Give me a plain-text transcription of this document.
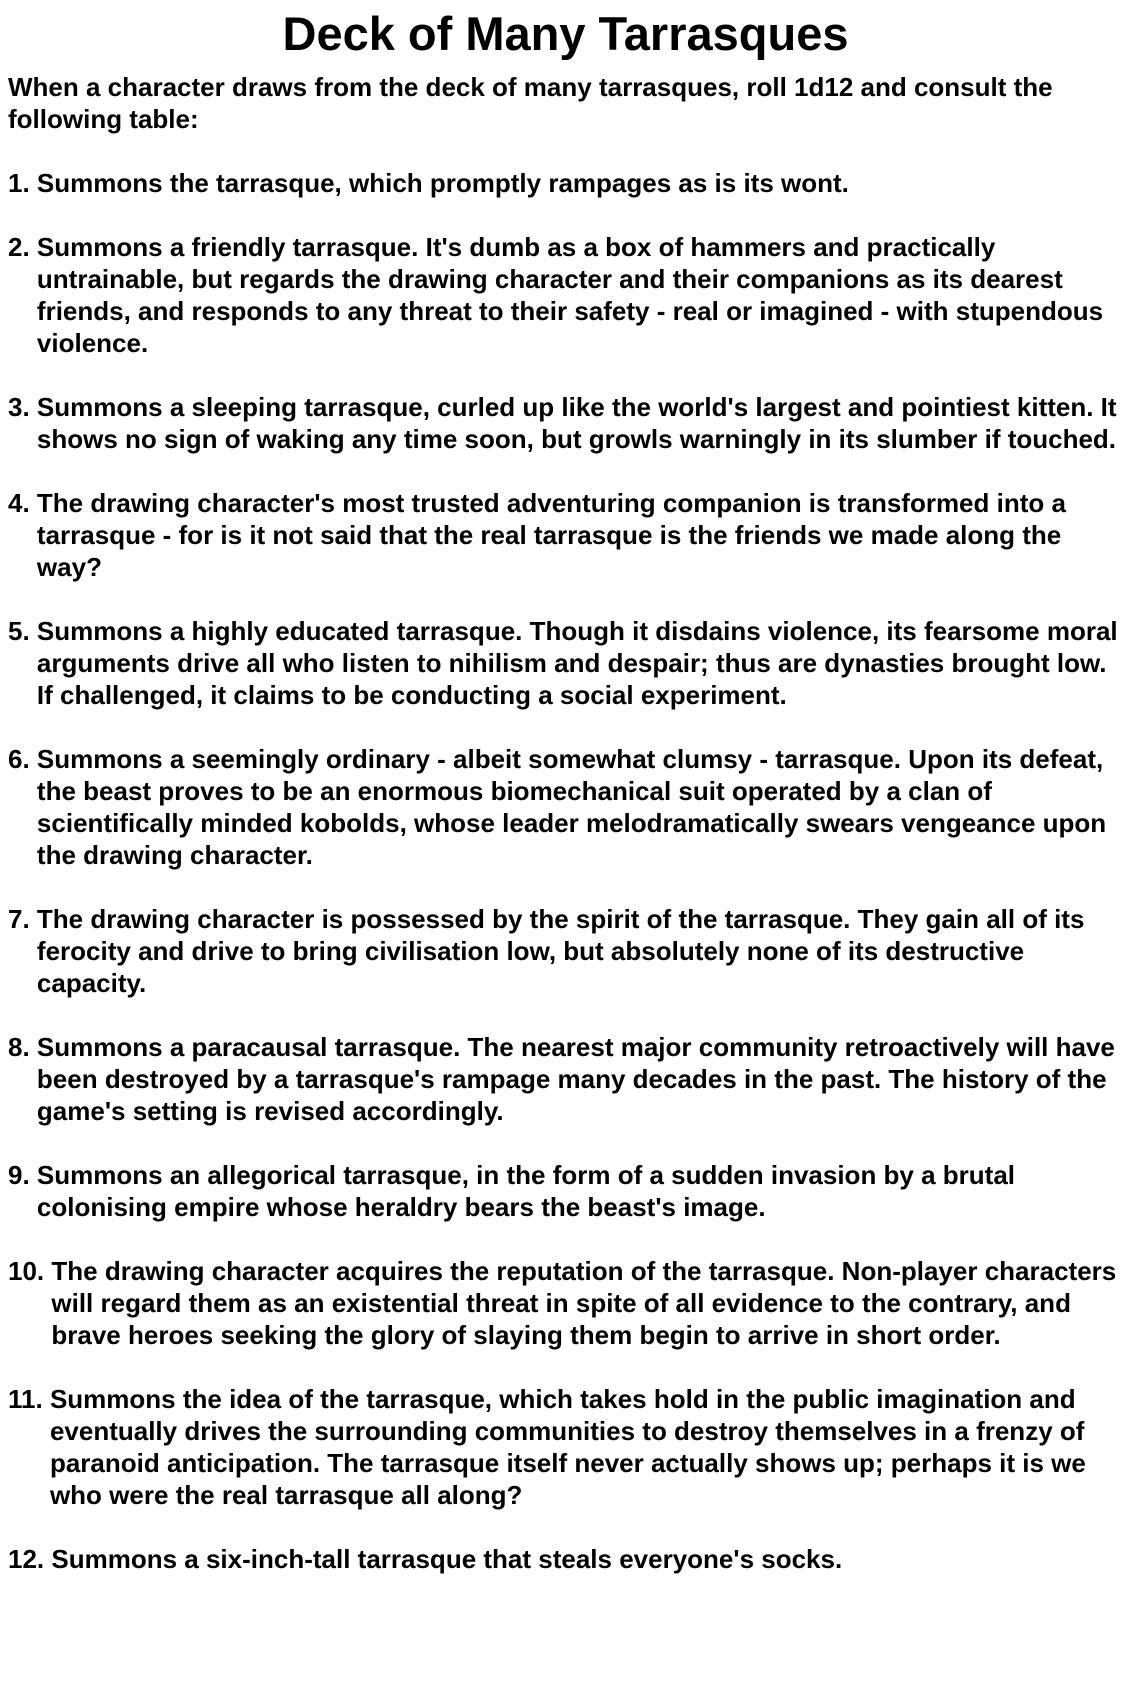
Deck of Many Tarrasques

When a character draws from the deck of many tarrasques, roll 1d12 and consult the following table:

1. Summons the tarrasque, which promptly rampages as is its wont.
2. Summons a friendly tarrasque. It's dumb as a box of hammers and practically untrainable, but regards the drawing character and their companions as its dearest friends, and responds to any threat to their safety - real or imagined - with stupendous violence.
3. Summons a sleeping tarrasque, curled up like the world's largest and pointiest kitten. It shows no sign of waking any time soon, but growls warningly in its slumber if touched.
4. The drawing character's most trusted adventuring companion is transformed into a tarrasque - for is it not said that the real tarrasque is the friends we made along the way?
5. Summons a highly educated tarrasque. Though it disdains violence, its fearsome moral arguments drive all who listen to nihilism and despair; thus are dynasties brought low. If challenged, it claims to be conducting a social experiment.
6. Summons a seemingly ordinary - albeit somewhat clumsy - tarrasque. Upon its defeat, the beast proves to be an enormous biomechanical suit operated by a clan of scientifically minded kobolds, whose leader melodramatically swears vengeance upon the drawing character.
7. The drawing character is possessed by the spirit of the tarrasque. They gain all of its ferocity and drive to bring civilisation low, but absolutely none of its destructive capacity.
8. Summons a paracausal tarrasque. The nearest major community retroactively will have been destroyed by a tarrasque's rampage many decades in the past. The history of the game's setting is revised accordingly.
9. Summons an allegorical tarrasque, in the form of a sudden invasion by a brutal colonising empire whose heraldry bears the beast's image.
10. The drawing character acquires the reputation of the tarrasque. Non-player characters will regard them as an existential threat in spite of all evidence to the contrary, and brave heroes seeking the glory of slaying them begin to arrive in short order.
11. Summons the idea of the tarrasque, which takes hold in the public imagination and eventually drives the surrounding communities to destroy themselves in a frenzy of paranoid anticipation. The tarrasque itself never actually shows up; perhaps it is we who were the real tarrasque all along?
12. Summons a six-inch-tall tarrasque that steals everyone's socks.
